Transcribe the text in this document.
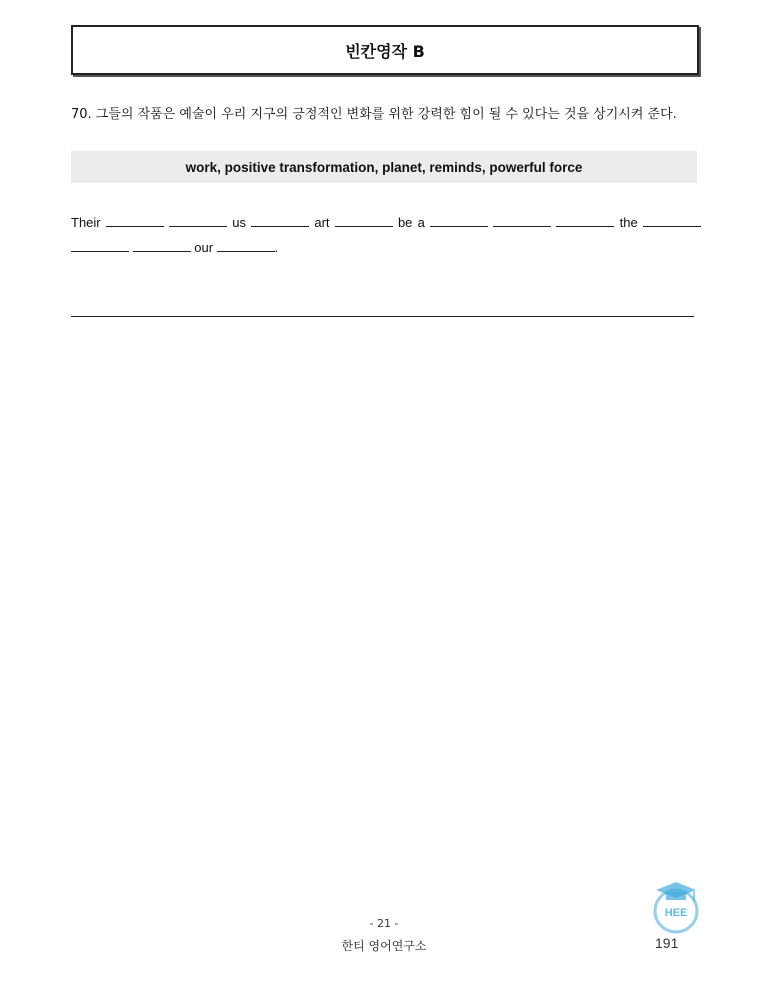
빈칸영작 B
70. 그들의 작품은 예술이 우리 지구의 긍정적인 변화를 위한 강력한 힘이 될 수 있다는 것을 상기시켜 준다.
work, positive transformation, planet, reminds, powerful force
Their	us	art	be a	the    our	.
- 21 -
한티 영어연구소	191
HEE
